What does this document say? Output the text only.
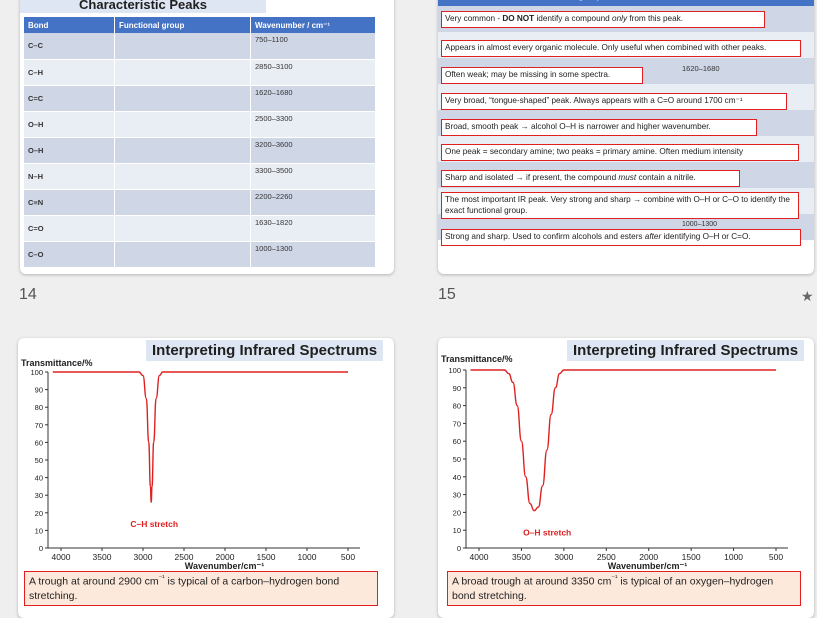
Characteristic Peaks
Bond	Functional group	Wavenumber / cm⁻¹
C–C		750–1100
C–H		2850–3100
C=C		1620–1680
O–H		2500–3300
O–H		3200–3600
N–H		3300–3500
C≡N		2200–2260
C=O		1630–1820
C–O		1000–1300
14
1620–1680
1000–1300
Very common - DO NOT identify a compound only from this peak.
Appears in almost every organic molecule. Only useful when combined with other peaks.
Often weak; may be missing in some spectra.
Very broad, “tongue-shaped” peak. Always appears with a C=O around 1700 cm⁻¹
Broad, smooth peak → alcohol O–H is narrower and higher wavenumber.
One peak = secondary amine; two peaks = primary amine. Often medium intensity
Sharp and isolated → if present, the compound must contain a nitrile.
The most important IR peak. Very strong and sharp → combine with O–H or C–O to identify the exact functional group.
Strong and sharp. Used to confirm alcohols and esters after identifying O–H or C=O.
15	★
Interpreting Infrared Spectrums
Transmittance/%
0
10
20
30
40
50
60
70
80
90
100
4000	3500	3000	2500	2000	1500	1000	500
Wavenumber/cm⁻¹
C–H stretch
A trough at around 2900 $cm^{^{-1}}$ is typical of a carbon–hydrogen bond stretching.
Interpreting Infrared Spectrums
Transmittance/%
0
10
20
30
40
50
60
70
80
90
100
4000	3500	3000	2500	2000	1500	1000	500
Wavenumber/cm⁻¹
O–H stretch
A broad trough at around 3350 $cm^{^{-1}}$ is typical of an oxygen–hydrogen bond stretching.
